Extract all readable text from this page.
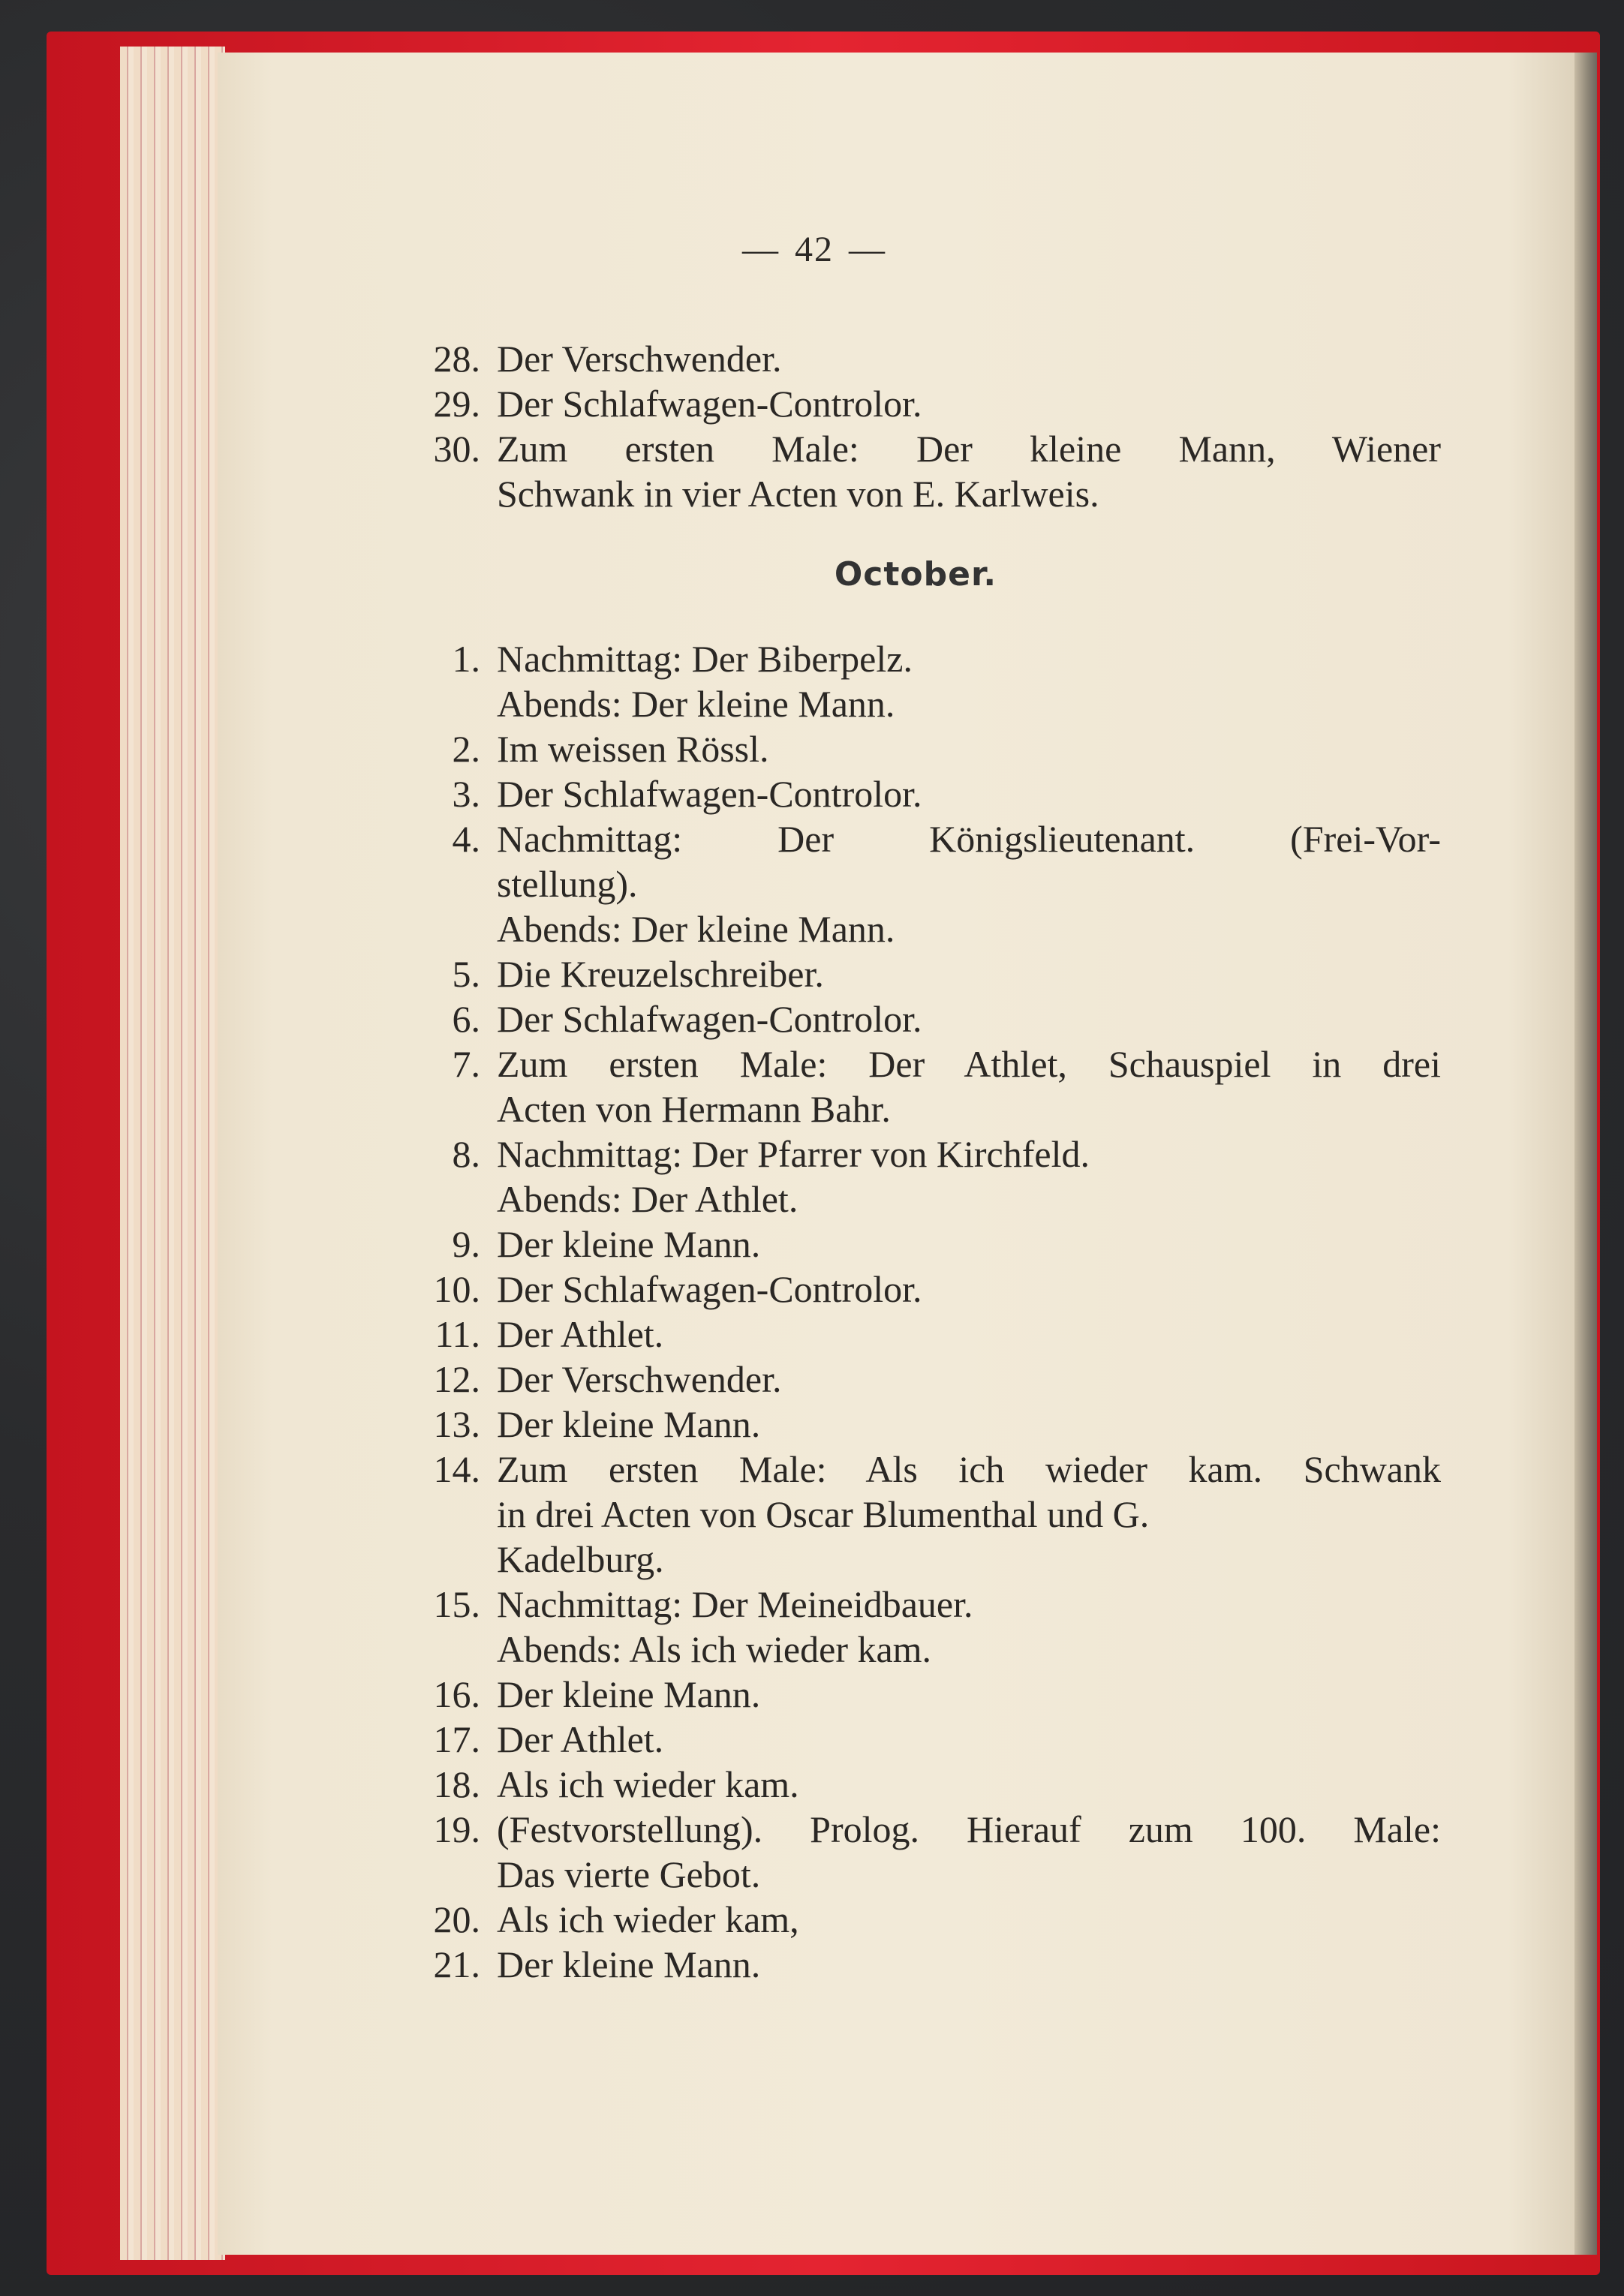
— 42 —
28. Der Verschwender.
29. Der Schlafwagen-Controlor.
30. Zum ersten Male: Der kleine Mann, Wiener
Schwank in vier Acten von E. Karlweis.
October.
1. Nachmittag: Der Biberpelz.
Abends: Der kleine Mann.
2. Im weissen Rössl.
3. Der Schlafwagen-Controlor.
4. Nachmittag: Der Königslieutenant. (Frei-Vor-
stellung).
Abends: Der kleine Mann.
5. Die Kreuzelschreiber.
6. Der Schlafwagen-Controlor.
7. Zum ersten Male: Der Athlet, Schauspiel in drei
Acten von Hermann Bahr.
8. Nachmittag: Der Pfarrer von Kirchfeld.
Abends: Der Athlet.
9. Der kleine Mann.
10. Der Schlafwagen-Controlor.
11. Der Athlet.
12. Der Verschwender.
13. Der kleine Mann.
14. Zum ersten Male: Als ich wieder kam. Schwank
in drei Acten von Oscar Blumenthal und G.
Kadelburg.
15. Nachmittag: Der Meineidbauer.
Abends: Als ich wieder kam.
16. Der kleine Mann.
17. Der Athlet.
18. Als ich wieder kam.
19. (Festvorstellung). Prolog. Hierauf zum 100. Male:
Das vierte Gebot.
20. Als ich wieder kam,
21. Der kleine Mann.
